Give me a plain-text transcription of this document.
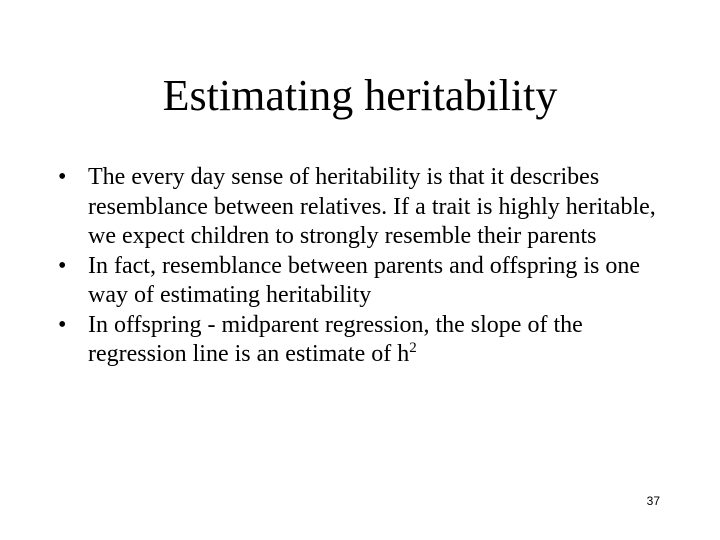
Estimating heritability
• The every day sense of heritability is that it describes resemblance between relatives. If a trait is highly heritable, we expect children to strongly resemble their parents
• In fact, resemblance between parents and offspring is one way of estimating heritability
• In offspring - midparent regression, the slope of the regression line is an estimate of $h^2$
37
